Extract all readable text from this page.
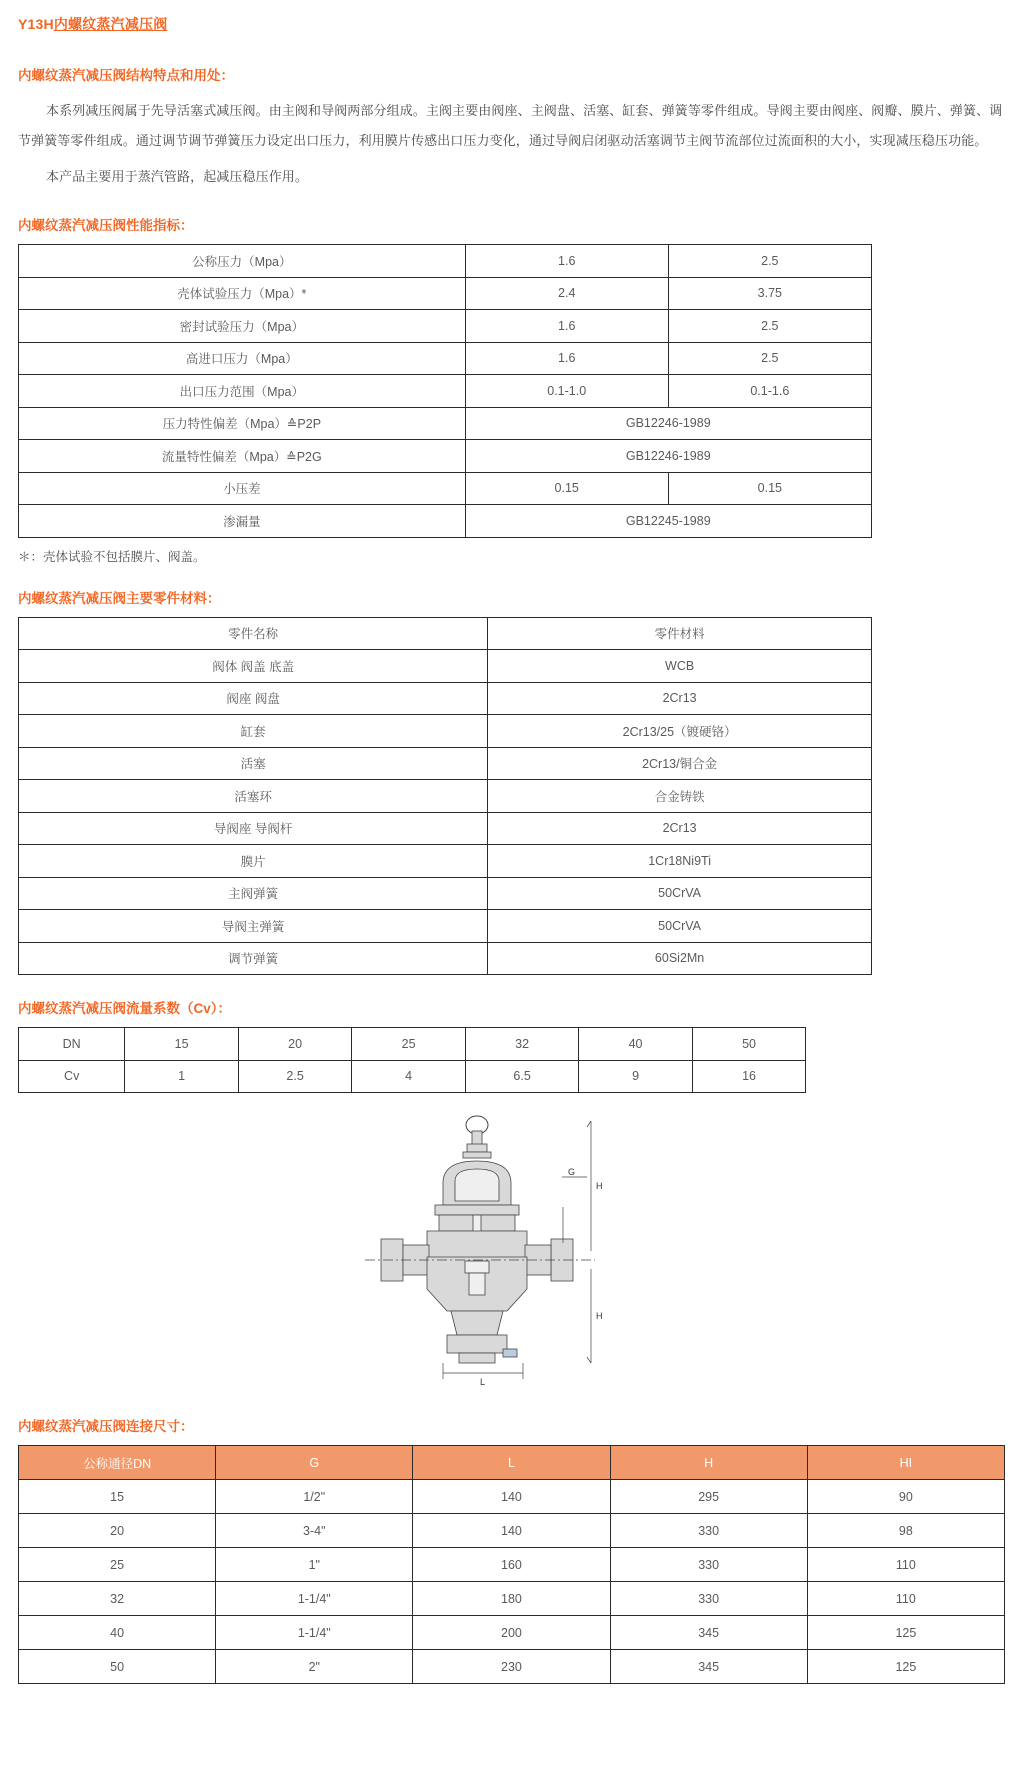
Y13H内螺纹蒸汽减压阀
内螺纹蒸汽减压阀结构特点和用处：

本系列减压阀属于先导活塞式减压阀。由主阀和导阀两部分组成。主阀主要由阀座、主阀盘、活塞、缸套、弹簧等零件组成。导阀主要由阀座、阀瓣、膜片、弹簧、调节弹簧等零件组成。通过调节调节弹簧压力设定出口压力，利用膜片传感出口压力变化，通过导阀启闭驱动活塞调节主阀节流部位过流面积的大小，实现减压稳压功能。

本产品主要用于蒸汽管路，起减压稳压作用。

内螺纹蒸汽减压阀性能指标：
公称压力（Mpa）	1.6	2.5	
壳体试验压力（Mpa）*	2.4	3.75	
密封试验压力（Mpa）	1.6	2.5	
高进口压力（Mpa）	1.6	2.5	
出口压力范围（Mpa）	0.1-1.0	0.1-1.6	
压力特性偏差（Mpa）≙P2P	GB12246-1989		
流量特性偏差（Mpa）≙P2G	GB12246-1989		
小压差	0.15	0.15	
渗漏量	GB12245-1989		

＊：壳体试验不包括膜片、阀盖。

内螺纹蒸汽减压阀主要零件材料：
零件名称	零件材料	
阀体 阀盖 底盖	WCB	
阀座 阀盘	2Cr13	
缸套	2Cr13/25（镀硬铬）	
活塞	2Cr13/铜合金	
活塞环	合金铸铁	
导阀座 导阀杆	2Cr13	
膜片	1Cr18Ni9Ti	
主阀弹簧	50CrVA	
导阀主弹簧	50CrVA	
调节弹簧	60Si2Mn	
内螺纹蒸汽减压阀流量系数（Cv）：
DN	15	20	25	32	40	50	
Cv	1	2.5	4	6.5	9	16	
H
G
H
L
内螺纹蒸汽减压阀连接尺寸：
公称通径DN	G	L	H	HI
15	1/2"	140	295	90
20	3-4"	140	330	98
25	1"	160	330	110
32	1-1/4"	180	330	110
40	1-1/4"	200	345	125
50	2"	230	345	125
